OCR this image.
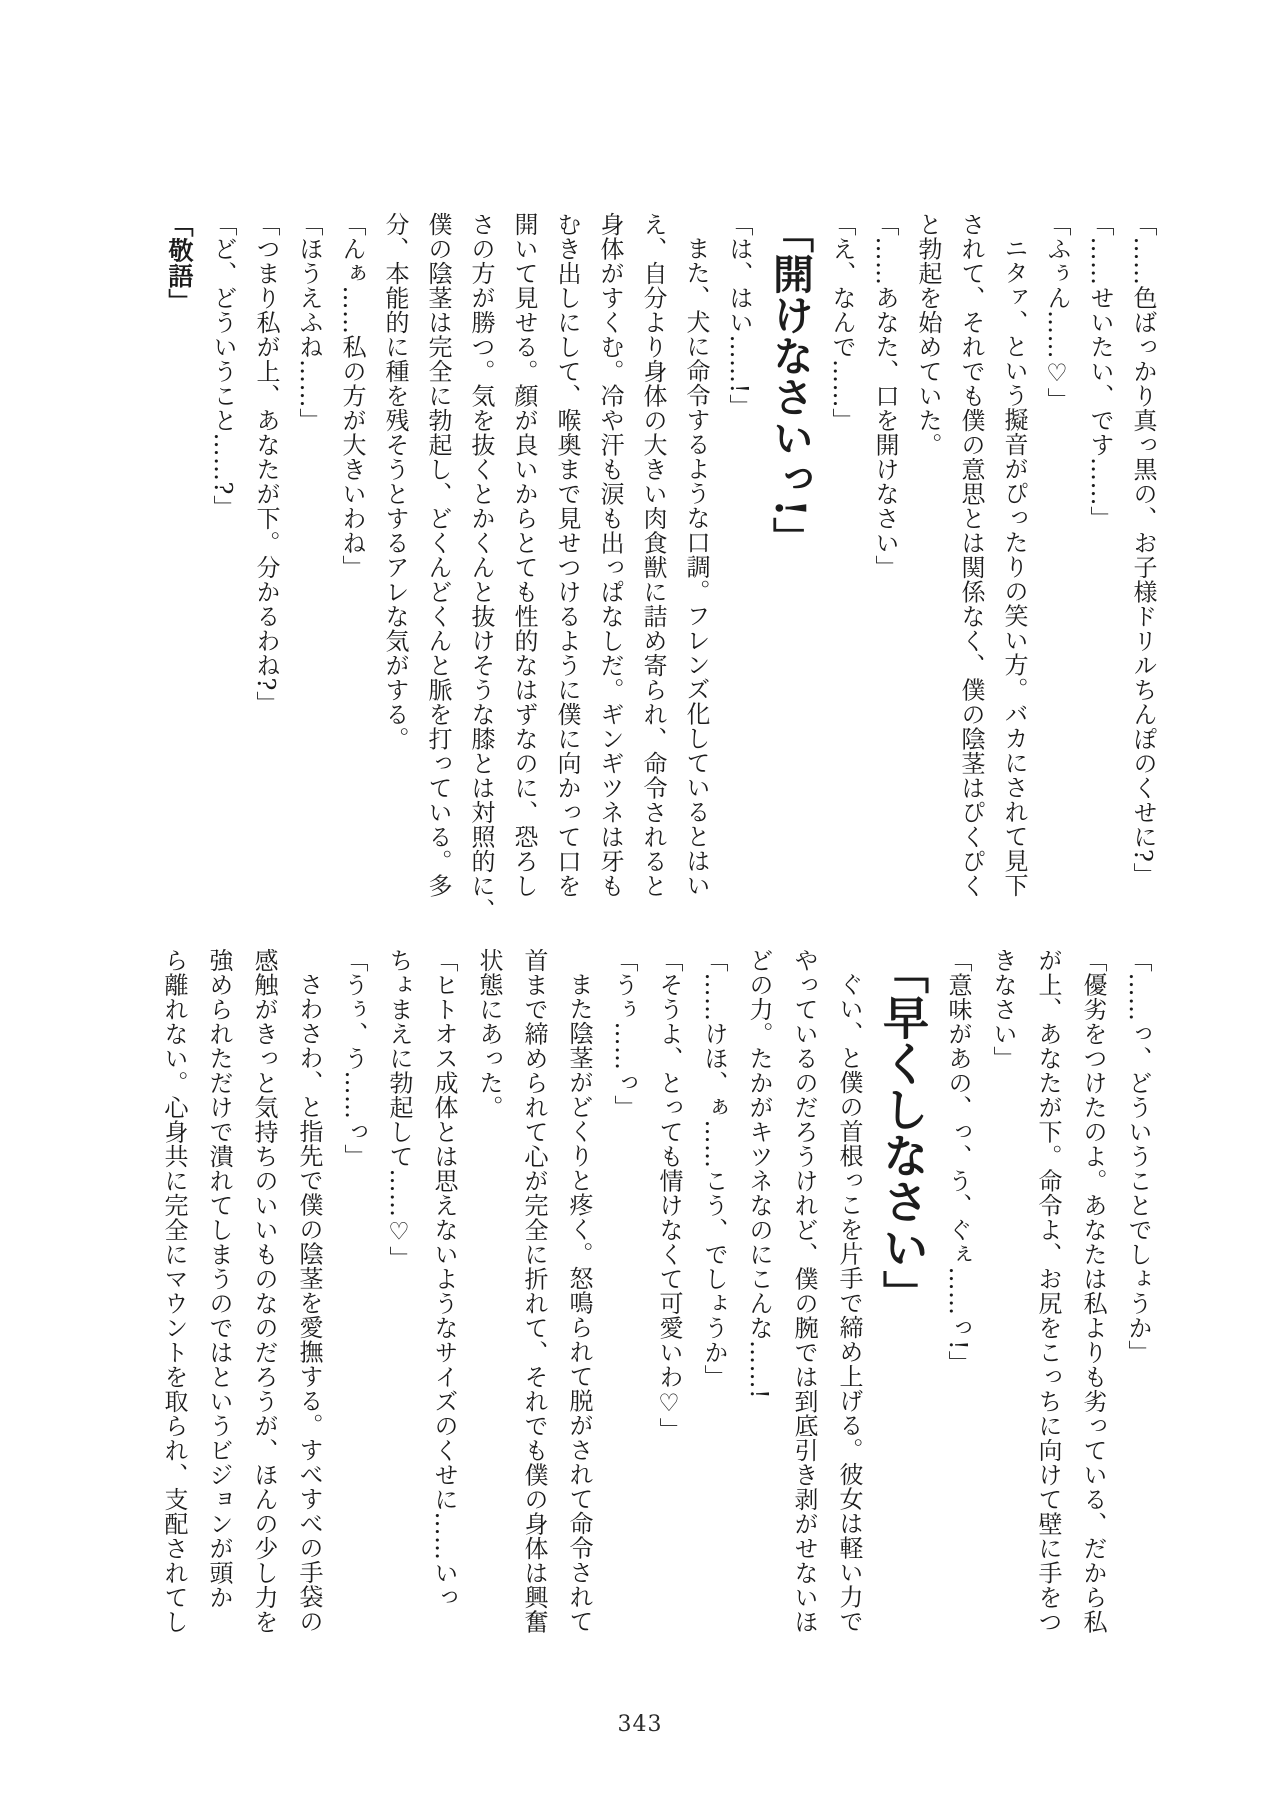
「……色ばっかり真っ黒の、お子様ドリルちんぽのくせに?」

「……せいたい、です……」

「ふぅん……♡」

ニタァ、という擬音がぴったりの笑い方。バカにされて見下

されて、それでも僕の意思とは関係なく、僕の陰茎はぴくぴく

と勃起を始めていた。

「……あなた、口を開けなさい」

「え、なんで……」

「開けなさいっ!」

「は、はい……!」

また、犬に命令するような口調。フレンズ化しているとはい

え、自分より身体の大きい肉食獣に詰め寄られ、命令されると

身体がすくむ。冷や汗も涙も出っぱなしだ。ギンギツネは牙も

むき出しにして、喉奥まで見せつけるように僕に向かって口を

開いて見せる。顔が良いからとても性的なはずなのに、恐ろし

さの方が勝つ。気を抜くとかくんと抜けそうな膝とは対照的に、

僕の陰茎は完全に勃起し、どくんどくんと脈を打っている。多

分、本能的に種を残そうとするアレな気がする。

「んぁ……私の方が大きいわね」

「ほうえふね……」

「つまり私が上、あなたが下。分かるわね?」

「ど、どういうこと……?」

「敬語」

「……っ、どういうことでしょうか」

「優劣をつけたのよ。あなたは私よりも劣っている、だから私

が上、あなたが下。命令よ、お尻をこっちに向けて壁に手をつ

きなさい」

「意味があの、っ、う、ぐぇ……っ!」

「早くしなさい」

ぐい、と僕の首根っこを片手で締め上げる。彼女は軽い力で

やっているのだろうけれど、僕の腕では到底引き剥がせないほ

どの力。たかがキツネなのにこんな……!

「……けほ、ぁ……こう、でしょうか」

「そうよ、とっても情けなくて可愛いわ♡」

「うぅ……っ」

また陰茎がどくりと疼く。怒鳴られて脱がされて命令されて

首まで締められて心が完全に折れて、それでも僕の身体は興奮

状態にあった。

「ヒトオス成体とは思えないようなサイズのくせに……いっ

ちょまえに勃起して……♡」

「うぅ、う……っ」

さわさわ、と指先で僕の陰茎を愛撫する。すべすべの手袋の

感触がきっと気持ちのいいものなのだろうが、ほんの少し力を

強められただけで潰れてしまうのではというビジョンが頭か

ら離れない。心身共に完全にマウントを取られ、支配されてし

343
